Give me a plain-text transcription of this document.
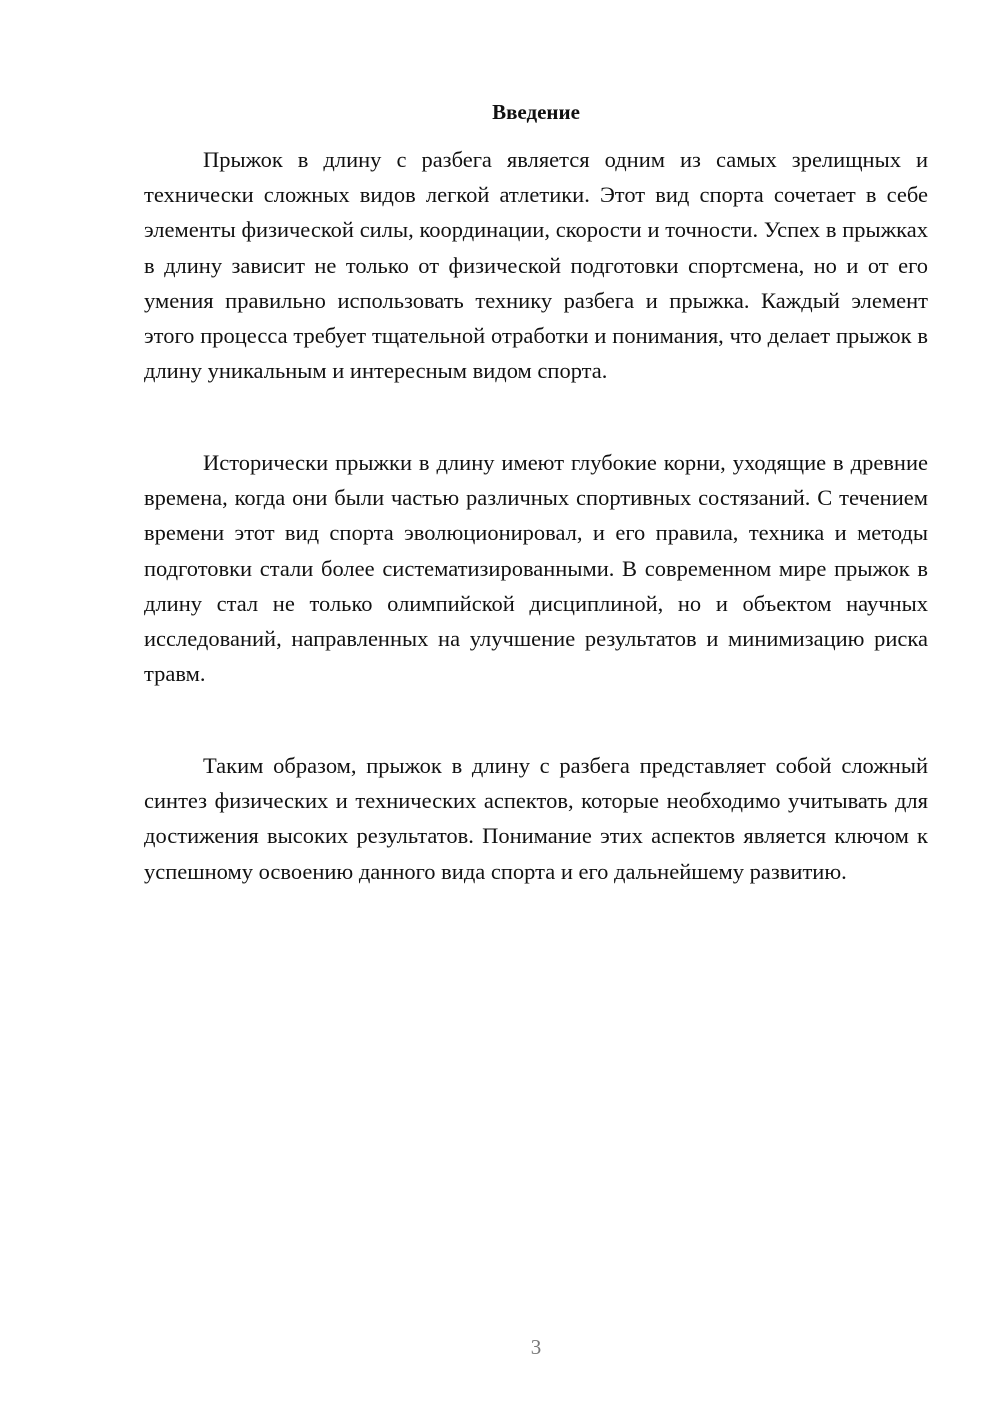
Введение

Прыжок в длину с разбега является одним из самых зрелищных и технически сложных видов легкой атлетики. Этот вид спорта сочетает в себе элементы физической силы, координации, скорости и точности. Успех в прыжках в длину зависит не только от физической подготовки спортсмена, но и от его умения правильно использовать технику разбега и прыжка. Каждый элемент этого процесса требует тщательной отработки и понимания, что делает прыжок в длину уникальным и интересным видом спорта.

Исторически прыжки в длину имеют глубокие корни, уходящие в древние времена, когда они были частью различных спортивных состязаний. С течением времени этот вид спорта эволюционировал, и его правила, техника и методы подготовки стали более систематизированными. В современном мире прыжок в длину стал не только олимпийской дисциплиной, но и объектом научных исследований, направленных на улучшение результатов и минимизацию риска травм.

Таким образом, прыжок в длину с разбега представляет собой сложный синтез физических и технических аспектов, которые необходимо учитывать для достижения высоких результатов. Понимание этих аспектов является ключом к успешному освоению данного вида спорта и его дальнейшему развитию.

3
